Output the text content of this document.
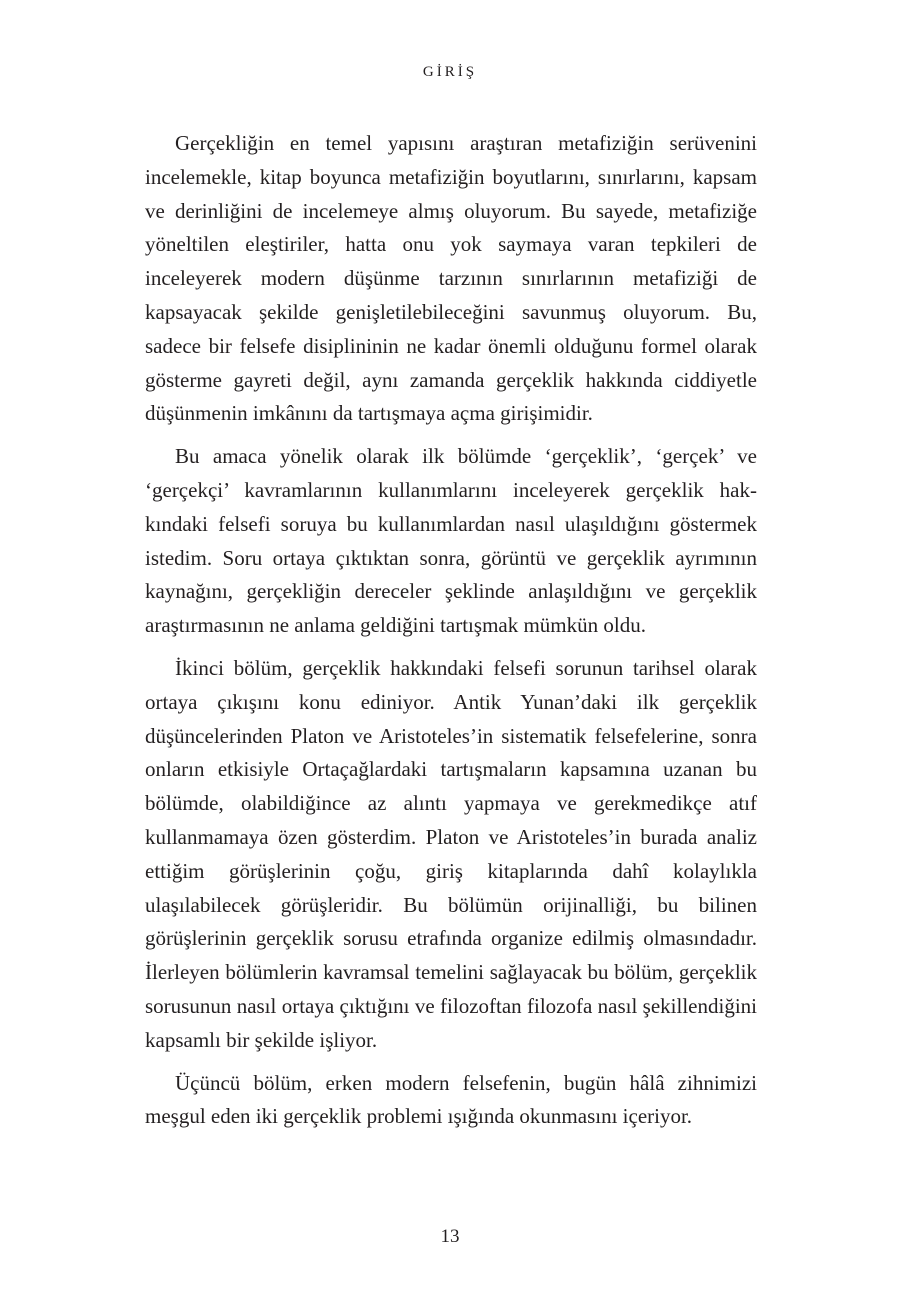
GİRİŞ

Gerçekliğin en temel yapısını araştıran metafiziğin serüvenini incelemekle, kitap boyunca metafiziğin boyutlarını, sınırlarını, kapsam ve derinliğini de incelemeye almış oluyorum. Bu sayede, metafiziğe yöneltilen eleştiriler, hatta onu yok saymaya varan tepkileri de inceleyerek modern düşünme tarzının sınırlarının metafiziği de kapsayacak şekilde genişletilebileceğini savunmuş oluyorum. Bu, sadece bir felsefe disiplininin ne kadar önemli olduğunu formel olarak gösterme gayreti değil, aynı zamanda gerçeklik hakkında ciddiyetle düşünmenin imkânını da tartışmaya açma girişimidir.

Bu amaca yönelik olarak ilk bölümde ‘gerçeklik’, ‘gerçek’ ve ‘gerçekçi’ kavramlarının kullanımlarını inceleyerek gerçeklik hakkındaki felsefi soruya bu kullanımlardan nasıl ulaşıldığını göstermek istedim. Soru ortaya çıktıktan sonra, görüntü ve gerçeklik ayrımının kaynağını, gerçekliğin dereceler şeklinde anlaşıldığını ve gerçeklik araştırmasının ne anlama geldiğini tartışmak mümkün oldu.

İkinci bölüm, gerçeklik hakkındaki felsefi sorunun tarihsel olarak ortaya çıkışını konu ediniyor. Antik Yunan’daki ilk gerçeklik düşüncelerinden Platon ve Aristoteles’in sistematik felsefelerine, sonra onların etkisiyle Ortaçağlardaki tartışmaların kapsamına uzanan bu bölümde, olabildiğince az alıntı yapmaya ve gerekmedikçe atıf kullanmamaya özen gösterdim. Platon ve Aristoteles’in burada analiz ettiğim görüşlerinin çoğu, giriş kitaplarında dahî kolaylıkla ulaşılabilecek görüşleridir. Bu bölümün orijinalliği, bu bilinen görüşlerinin gerçeklik sorusu etrafında organize edilmiş olmasındadır. İlerleyen bölümlerin kavramsal temelini sağlayacak bu bölüm, gerçeklik sorusunun nasıl ortaya çıktığını ve filozoftan filozofa nasıl şekillendiğini kapsamlı bir şekilde işliyor.

Üçüncü bölüm, erken modern felsefenin, bugün hâlâ zihnimizi meşgul eden iki gerçeklik problemi ışığında okunmasını içeriyor.

13
